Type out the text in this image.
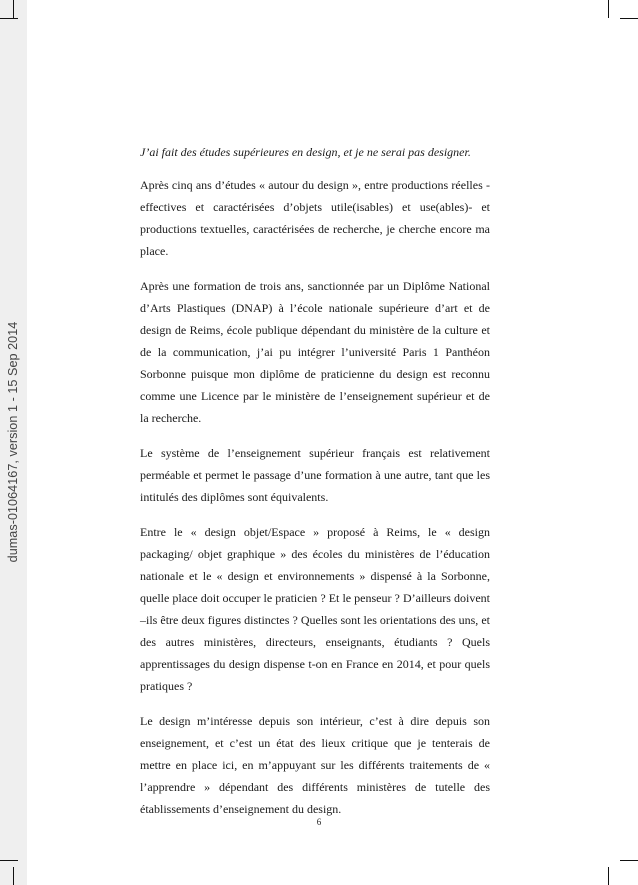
dumas-01064167, version 1 - 15 Sep 2014

J’ai fait des études supérieures en design, et je ne serai pas designer.

Après cinq ans d’études « autour du design », entre productions réelles -effectives et caractérisées d’objets utile(isables) et use(ables)- et productions textuelles, caractérisées de recherche, je cherche encore ma place.

Après une formation de trois ans, sanctionnée par un Diplôme National d’Arts Plastiques (DNAP) à l’école nationale supérieure d’art et de design de Reims, école publique dépendant du ministère de la culture et de la communication, j’ai pu intégrer l’université Paris 1 Panthéon Sorbonne puisque mon diplôme de praticienne du design est reconnu comme une Licence par le ministère de l’enseignement supérieur et de la recherche.

Le système de l’enseignement supérieur français est relativement perméable et permet le passage d’une formation à une autre, tant que les intitulés des diplômes sont équivalents.

Entre le « design objet/Espace » proposé à Reims, le « design packaging/ objet graphique » des écoles du ministères de l’éducation nationale et le « design et environnements » dispensé à la Sorbonne, quelle place doit occuper le praticien ? Et le penseur ? D’ailleurs doivent –ils être deux figures distinctes ? Quelles sont les orientations des uns, et des autres ministères, directeurs, enseignants, étudiants ? Quels apprentissages du design dispense t-on en France en 2014, et pour quels pratiques ?

Le design m’intéresse depuis son intérieur, c’est à dire depuis son enseignement, et c’est un état des lieux critique que je tenterais de mettre en place ici, en m’appuyant sur les différents traitements de « l’apprendre » dépendant des différents ministères de tutelle des établissements d’enseignement du design.

6
